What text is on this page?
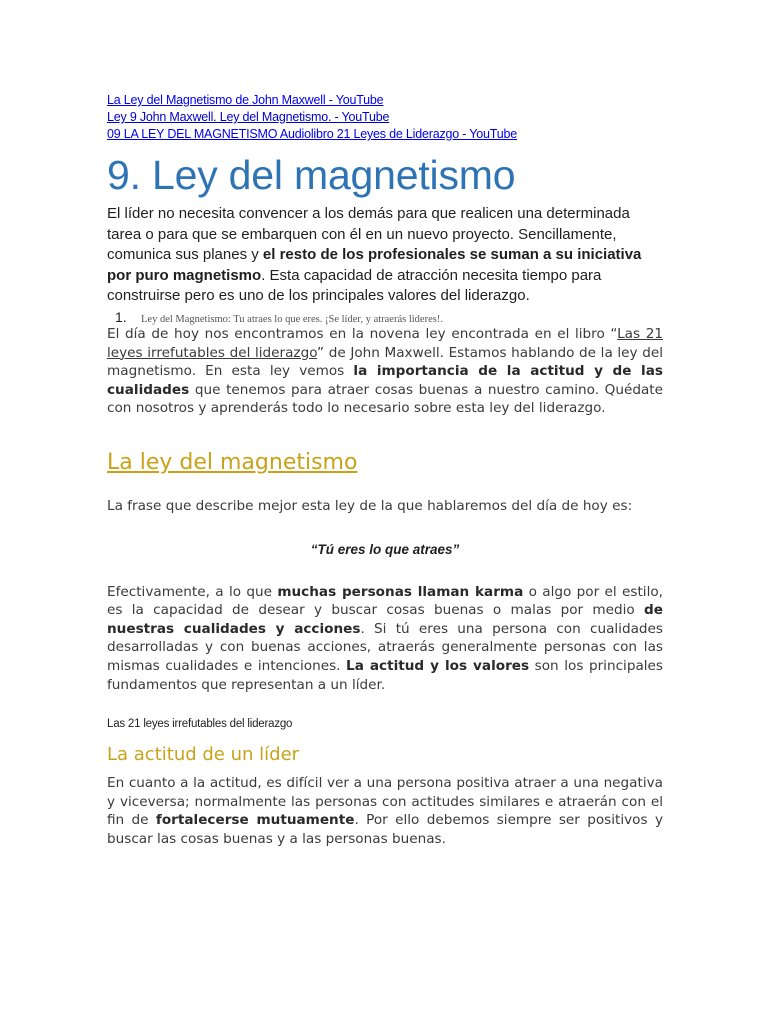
La Ley del Magnetismo de John Maxwell - YouTube
Ley 9 John Maxwell. Ley del Magnetismo. - YouTube
09 LA LEY DEL MAGNETISMO Audiolibro 21 Leyes de Liderazgo - YouTube
9. Ley del magnetismo

El líder no necesita convencer a los demás para que realicen una determinada tarea o para que se embarquen con él en un nuevo proyecto. Sencillamente, comunica sus planes y el resto de los profesionales se suman a su iniciativa por puro magnetismo. Esta capacidad de atracción necesita tiempo para construirse pero es uno de los principales valores del liderazgo.

1.	Ley del Magnetismo: Tu atraes lo que eres. ¡Se líder, y atraerás lideres!.

El día de hoy nos encontramos en la novena ley encontrada en el libro “Las 21 leyes irrefutables del liderazgo” de John Maxwell. Estamos hablando de la ley del magnetismo. En esta ley vemos la importancia de la actitud y de las cualidades que tenemos para atraer cosas buenas a nuestro camino. Quédate con nosotros y aprenderás todo lo necesario sobre esta ley del liderazgo.

La ley del magnetismo

La frase que describe mejor esta ley de la que hablaremos del día de hoy es:

“Tú eres lo que atraes”

Efectivamente, a lo que muchas personas llaman karma o algo por el estilo, es la capacidad de desear y buscar cosas buenas o malas por medio de nuestras cualidades y acciones. Si tú eres una persona con cualidades desarrolladas y con buenas acciones, atraerás generalmente personas con las mismas cualidades e intenciones. La actitud y los valores son los principales fundamentos que representan a un líder.

Las 21 leyes irrefutables del liderazgo
La actitud de un líder

En cuanto a la actitud, es difícil ver a una persona positiva atraer a una negativa y viceversa; normalmente las personas con actitudes similares e atraerán con el fin de fortalecerse mutuamente. Por ello debemos siempre ser positivos y buscar las cosas buenas y a las personas buenas.
